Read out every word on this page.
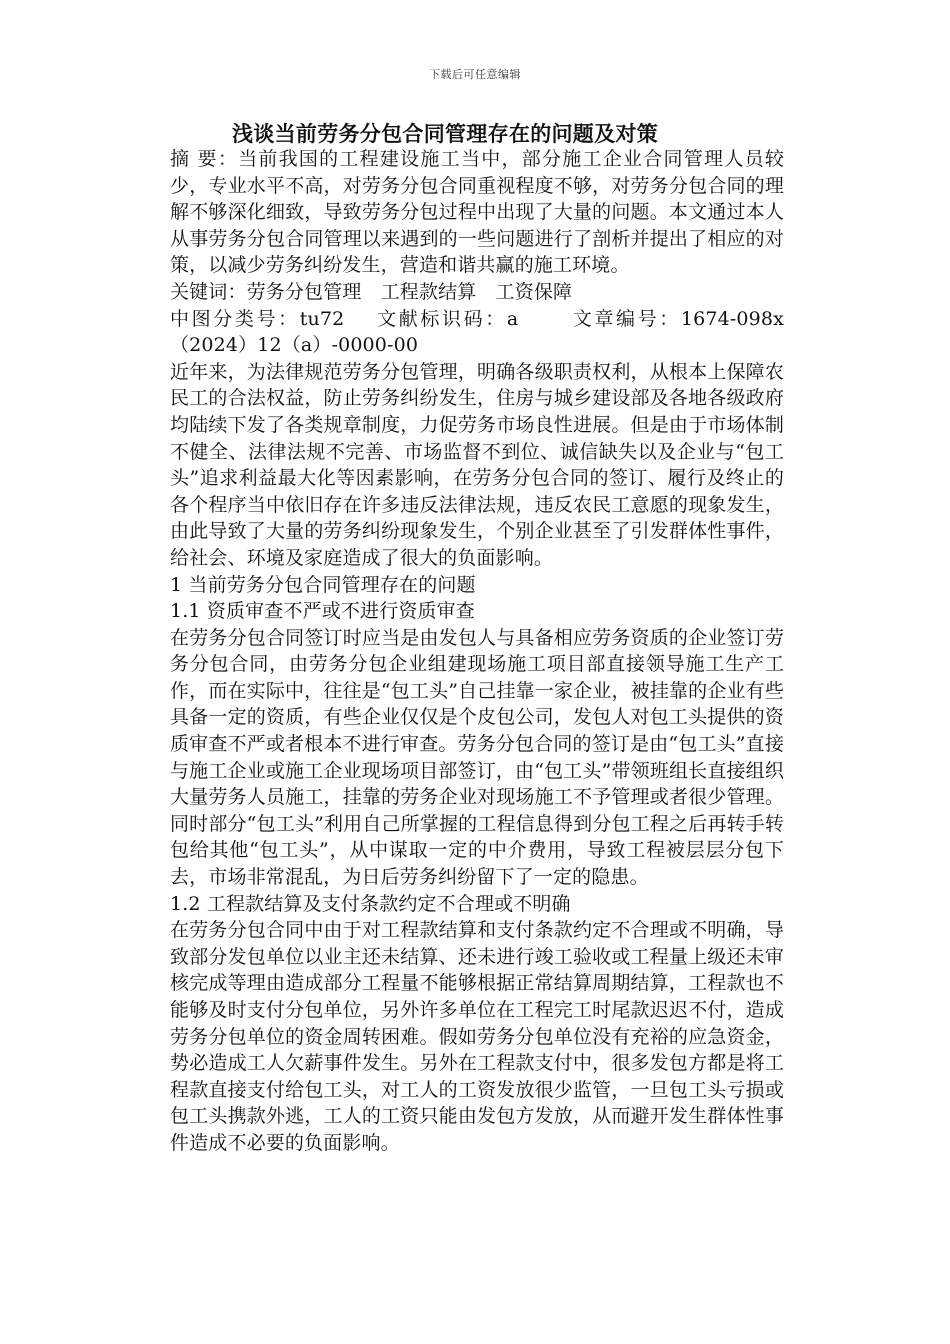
下载后可任意编辑
浅谈当前劳务分包合同管理存在的问题及对策

摘 要：当前我国的工程建设施工当中，部分施工企业合同管理人员较少，专业水平不高，对劳务分包合同重视程度不够，对劳务分包合同的理解不够深化细致，导致劳务分包过程中出现了大量的问题。本文通过本人从事劳务分包合同管理以来遇到的一些问题进行了剖析并提出了相应的对策，以减少劳务纠纷发生，营造和谐共赢的施工环境。

关键词：劳务分包管理　工程款结算　工资保障

中图分类号：tu72　 文献标识码：a　　 文章编号：1674-098x（2024）12（a）-0000-00

近年来，为法律规范劳务分包管理，明确各级职责权利，从根本上保障农民工的合法权益，防止劳务纠纷发生，住房与城乡建设部及各地各级政府均陆续下发了各类规章制度，力促劳务市场良性进展。但是由于市场体制不健全、法律法规不完善、市场监督不到位、诚信缺失以及企业与“包工头”追求利益最大化等因素影响，在劳务分包合同的签订、履行及终止的各个程序当中依旧存在许多违反法律法规，违反农民工意愿的现象发生，由此导致了大量的劳务纠纷现象发生，个别企业甚至了引发群体性事件，给社会、环境及家庭造成了很大的负面影响。

1 当前劳务分包合同管理存在的问题

1.1 资质审查不严或不进行资质审查

在劳务分包合同签订时应当是由发包人与具备相应劳务资质的企业签订劳务分包合同，由劳务分包企业组建现场施工项目部直接领导施工生产工作，而在实际中，往往是“包工头”自己挂靠一家企业，被挂靠的企业有些具备一定的资质，有些企业仅仅是个皮包公司，发包人对包工头提供的资质审查不严或者根本不进行审查。劳务分包合同的签订是由“包工头”直接与施工企业或施工企业现场项目部签订，由“包工头”带领班组长直接组织大量劳务人员施工，挂靠的劳务企业对现场施工不予管理或者很少管理。同时部分“包工头”利用自己所掌握的工程信息得到分包工程之后再转手转包给其他“包工头”，从中谋取一定的中介费用，导致工程被层层分包下去，市场非常混乱，为日后劳务纠纷留下了一定的隐患。

1.2 工程款结算及支付条款约定不合理或不明确

在劳务分包合同中由于对工程款结算和支付条款约定不合理或不明确，导致部分发包单位以业主还未结算、还未进行竣工验收或工程量上级还未审核完成等理由造成部分工程量不能够根据正常结算周期结算，工程款也不能够及时支付分包单位，另外许多单位在工程完工时尾款迟迟不付，造成劳务分包单位的资金周转困难。假如劳务分包单位没有充裕的应急资金，势必造成工人欠薪事件发生。另外在工程款支付中，很多发包方都是将工程款直接支付给包工头，对工人的工资发放很少监管，一旦包工头亏损或包工头携款外逃，工人的工资只能由发包方发放，从而避开发生群体性事件造成不必要的负面影响。
